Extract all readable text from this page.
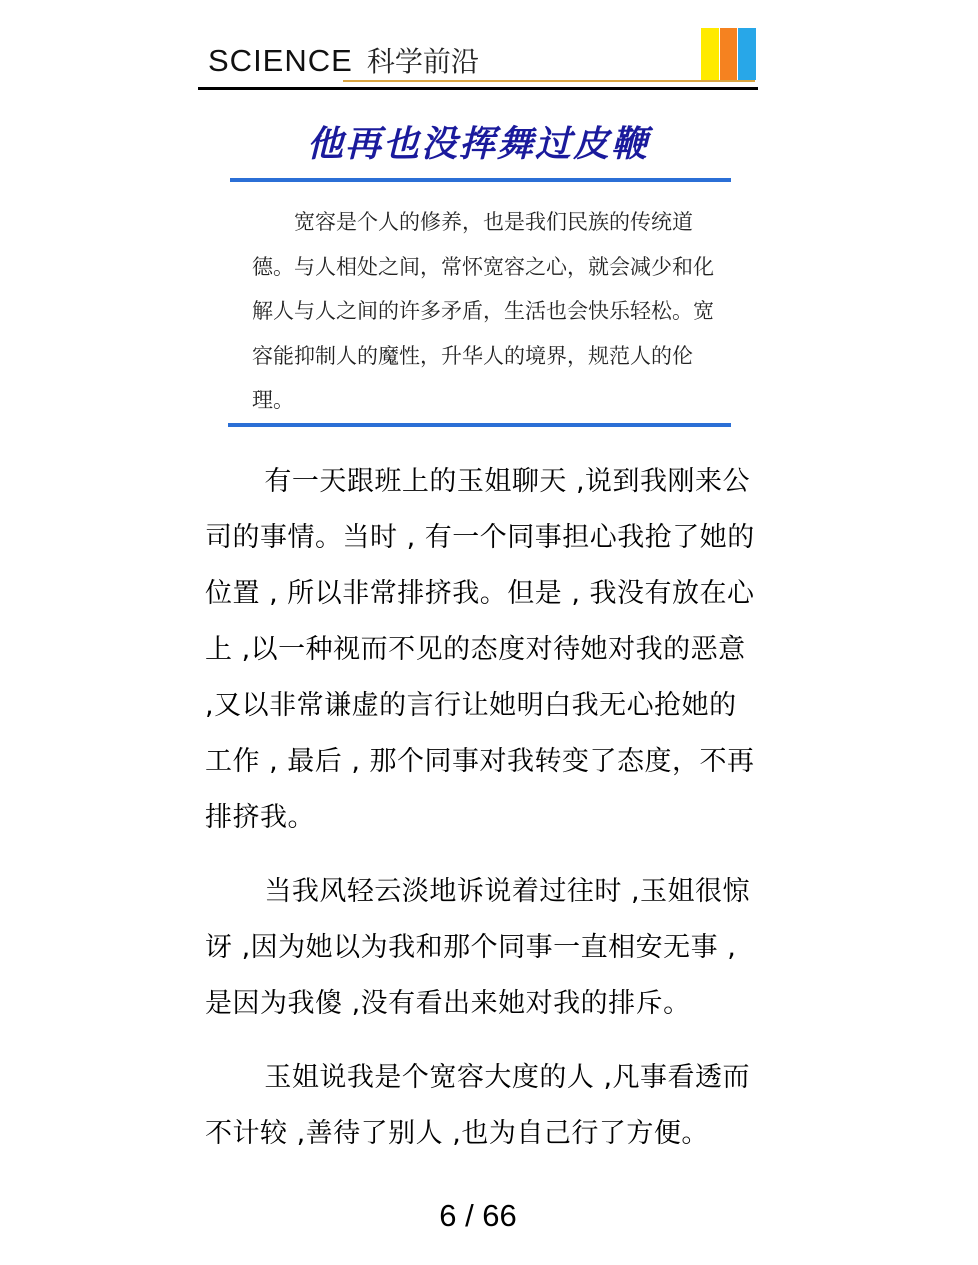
SCIENCE 科学前沿
他再也没挥舞过皮鞭

宽容是个人的修养，也是我们民族的传统道德。与人相处之间，常怀宽容之心，就会减少和化解人与人之间的许多矛盾，生活也会快乐轻松。宽容能抑制人的魔性，升华人的境界，规范人的伦理。

有一天跟班上的玉姐聊天 ,说到我刚来公司的事情。当时 , 有一个同事担心我抢了她的位置 , 所以非常排挤我。但是 , 我没有放在心上 ,以一种视而不见的态度对待她对我的恶意 ,又以非常谦虚的言行让她明白我无心抢她的工作 , 最后 , 那个同事对我转变了态度，不再排挤我。

当我风轻云淡地诉说着过往时 ,玉姐很惊讶 ,因为她以为我和那个同事一直相安无事 ,是因为我傻 ,没有看出来她对我的排斥。

玉姐说我是个宽容大度的人 ,凡事看透而不计较 ,善待了别人 ,也为自己行了方便。

6 / 66
